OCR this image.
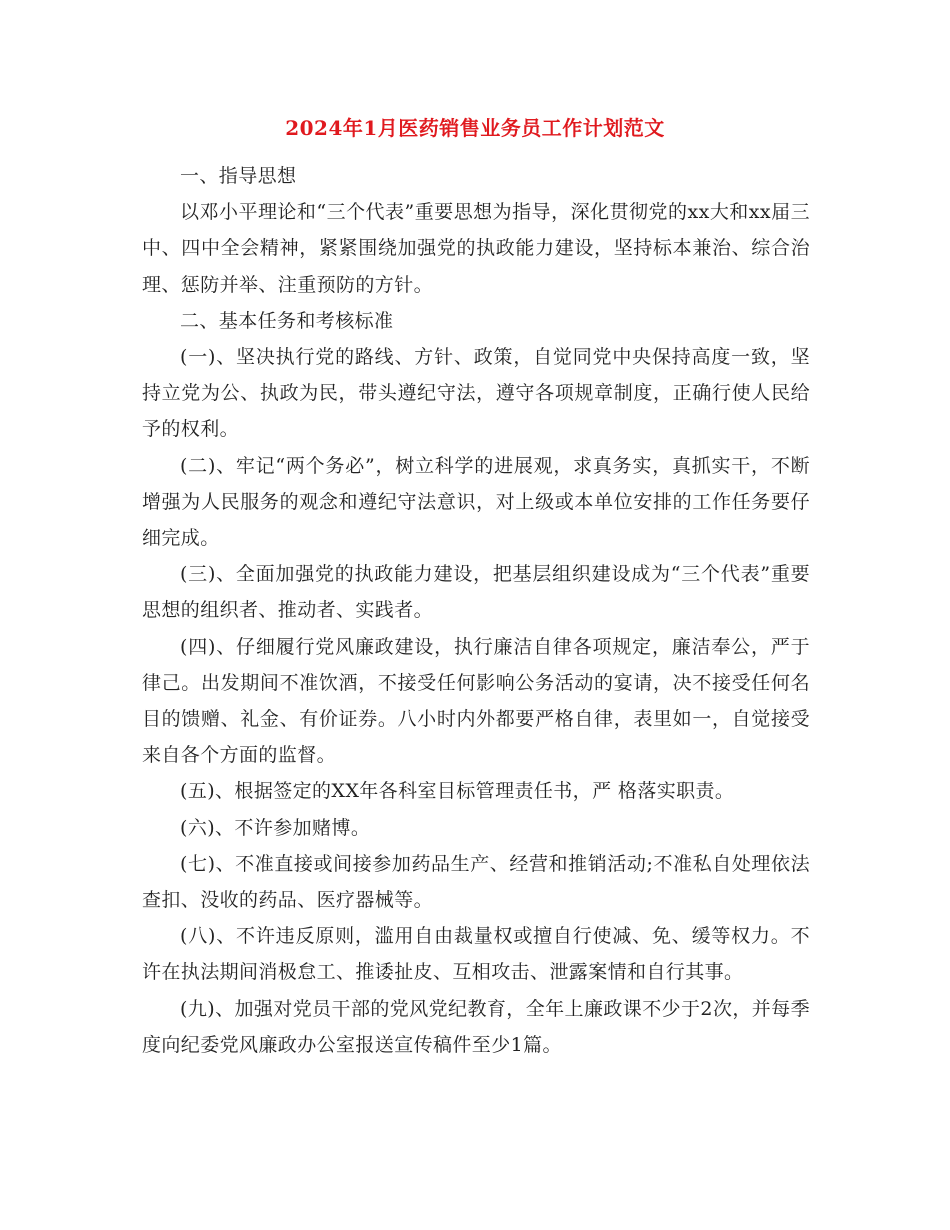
2024年1月医药销售业务员工作计划范文

一、指导思想

以邓小平理论和“三个代表”重要思想为指导，深化贯彻党的xx大和xx届三中、四中全会精神，紧紧围绕加强党的执政能力建设，坚持标本兼治、综合治理、惩防并举、注重预防的方针。

二、基本任务和考核标准

(一)、坚决执行党的路线、方针、政策，自觉同党中央保持高度一致，坚持立党为公、执政为民，带头遵纪守法，遵守各项规章制度，正确行使人民给予的权利。

(二)、牢记“两个务必”，树立科学的进展观，求真务实，真抓实干，不断增强为人民服务的观念和遵纪守法意识，对上级或本单位安排的工作任务要仔细完成。

(三)、全面加强党的执政能力建设，把基层组织建设成为“三个代表”重要思想的组织者、推动者、实践者。

(四)、仔细履行党风廉政建设，执行廉洁自律各项规定，廉洁奉公，严于律己。出发期间不准饮酒，不接受任何影响公务活动的宴请，决不接受任何名目的馈赠、礼金、有价证券。八小时内外都要严格自律，表里如一，自觉接受来自各个方面的监督。

(五)、根据签定的XX年各科室目标管理责任书，严 格落实职责。

(六)、不许参加赌博。

(七)、不准直接或间接参加药品生产、经营和推销活动;不准私自处理依法查扣、没收的药品、医疗器械等。

(八)、不许违反原则，滥用自由裁量权或擅自行使减、免、缓等权力。不许在执法期间消极怠工、推诿扯皮、互相攻击、泄露案情和自行其事。

(九)、加强对党员干部的党风党纪教育，全年上廉政课不少于2次，并每季度向纪委党风廉政办公室报送宣传稿件至少1篇。
